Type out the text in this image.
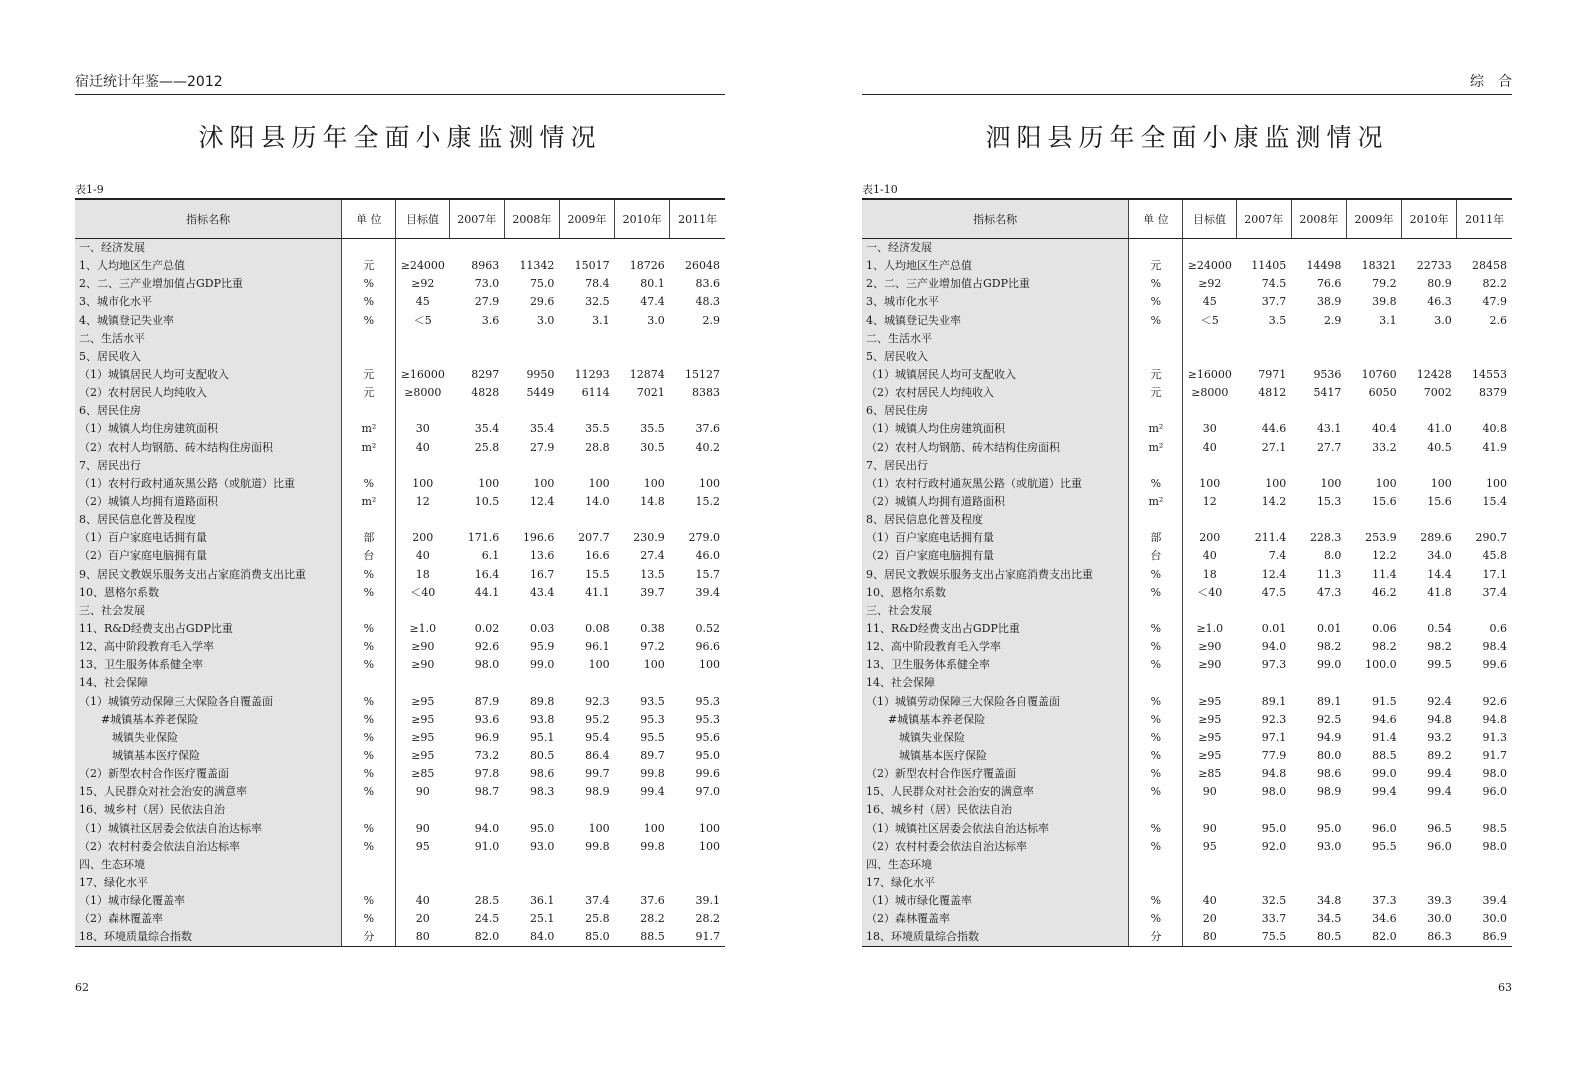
宿迁统计年鉴——2012
沭阳县历年全面小康监测情况
表1-9
指标名称	单 位	目标值	2007年	2008年	2009年	2010年	2011年
一、经济发展							
1、人均地区生产总值	元	≥24000	8963	11342	15017	18726	26048
2、二、三产业增加值占GDP比重	%	≥92	73.0	75.0	78.4	80.1	83.6
3、城市化水平	%	45	27.9	29.6	32.5	47.4	48.3
4、城镇登记失业率	%	＜5	3.6	3.0	3.1	3.0	2.9
二、生活水平							
5、居民收入							
（1）城镇居民人均可支配收入	元	≥16000	8297	9950	11293	12874	15127
（2）农村居民人均纯收入	元	≥8000	4828	5449	6114	7021	8383
6、居民住房							
（1）城镇人均住房建筑面积	m²	30	35.4	35.4	35.5	35.5	37.6
（2）农村人均钢筋、砖木结构住房面积	m²	40	25.8	27.9	28.8	30.5	40.2
7、居民出行							
（1）农村行政村通灰黑公路（或航道）比重	%	100	100	100	100	100	100
（2）城镇人均拥有道路面积	m²	12	10.5	12.4	14.0	14.8	15.2
8、居民信息化普及程度							
（1）百户家庭电话拥有量	部	200	171.6	196.6	207.7	230.9	279.0
（2）百户家庭电脑拥有量	台	40	6.1	13.6	16.6	27.4	46.0
9、居民文教娱乐服务支出占家庭消费支出比重	%	18	16.4	16.7	15.5	13.5	15.7
10、恩格尔系数	%	＜40	44.1	43.4	41.1	39.7	39.4
三、社会发展							
11、R&D经费支出占GDP比重	%	≥1.0	0.02	0.03	0.08	0.38	0.52
12、高中阶段教育毛入学率	%	≥90	92.6	95.9	96.1	97.2	96.6
13、卫生服务体系健全率	%	≥90	98.0	99.0	100	100	100
14、社会保障							
（1）城镇劳动保障三大保险各自覆盖面	%	≥95	87.9	89.8	92.3	93.5	95.3
　　#城镇基本养老保险	%	≥95	93.6	93.8	95.2	95.3	95.3
　　　城镇失业保险	%	≥95	96.9	95.1	95.4	95.5	95.6
　　　城镇基本医疗保险	%	≥95	73.2	80.5	86.4	89.7	95.0
（2）新型农村合作医疗覆盖面	%	≥85	97.8	98.6	99.7	99.8	99.6
15、人民群众对社会治安的满意率	%	90	98.7	98.3	98.9	99.4	97.0
16、城乡村（居）民依法自治							
（1）城镇社区居委会依法自治达标率	%	90	94.0	95.0	100	100	100
（2）农村村委会依法自治达标率	%	95	91.0	93.0	99.8	99.8	100
四、生态环境							
17、绿化水平							
（1）城市绿化覆盖率	%	40	28.5	36.1	37.4	37.6	39.1
（2）森林覆盖率	%	20	24.5	25.1	25.8	28.2	28.2
18、环境质量综合指数	分	80	82.0	84.0	85.0	88.5	91.7
62
综合
泗阳县历年全面小康监测情况
表1-10
指标名称	单 位	目标值	2007年	2008年	2009年	2010年	2011年
一、经济发展							
1、人均地区生产总值	元	≥24000	11405	14498	18321	22733	28458
2、二、三产业增加值占GDP比重	%	≥92	74.5	76.6	79.2	80.9	82.2
3、城市化水平	%	45	37.7	38.9	39.8	46.3	47.9
4、城镇登记失业率	%	＜5	3.5	2.9	3.1	3.0	2.6
二、生活水平							
5、居民收入							
（1）城镇居民人均可支配收入	元	≥16000	7971	9536	10760	12428	14553
（2）农村居民人均纯收入	元	≥8000	4812	5417	6050	7002	8379
6、居民住房							
（1）城镇人均住房建筑面积	m²	30	44.6	43.1	40.4	41.0	40.8
（2）农村人均钢筋、砖木结构住房面积	m²	40	27.1	27.7	33.2	40.5	41.9
7、居民出行							
（1）农村行政村通灰黑公路（或航道）比重	%	100	100	100	100	100	100
（2）城镇人均拥有道路面积	m²	12	14.2	15.3	15.6	15.6	15.4
8、居民信息化普及程度							
（1）百户家庭电话拥有量	部	200	211.4	228.3	253.9	289.6	290.7
（2）百户家庭电脑拥有量	台	40	7.4	8.0	12.2	34.0	45.8
9、居民文教娱乐服务支出占家庭消费支出比重	%	18	12.4	11.3	11.4	14.4	17.1
10、恩格尔系数	%	＜40	47.5	47.3	46.2	41.8	37.4
三、社会发展							
11、R&D经费支出占GDP比重	%	≥1.0	0.01	0.01	0.06	0.54	0.6
12、高中阶段教育毛入学率	%	≥90	94.0	98.2	98.2	98.2	98.4
13、卫生服务体系健全率	%	≥90	97.3	99.0	100.0	99.5	99.6
14、社会保障							
（1）城镇劳动保障三大保险各自覆盖面	%	≥95	89.1	89.1	91.5	92.4	92.6
　　#城镇基本养老保险	%	≥95	92.3	92.5	94.6	94.8	94.8
　　　城镇失业保险	%	≥95	97.1	94.9	91.4	93.2	91.3
　　　城镇基本医疗保险	%	≥95	77.9	80.0	88.5	89.2	91.7
（2）新型农村合作医疗覆盖面	%	≥85	94.8	98.6	99.0	99.4	98.0
15、人民群众对社会治安的满意率	%	90	98.0	98.9	99.4	99.4	96.0
16、城乡村（居）民依法自治							
（1）城镇社区居委会依法自治达标率	%	90	95.0	95.0	96.0	96.5	98.5
（2）农村村委会依法自治达标率	%	95	92.0	93.0	95.5	96.0	98.0
四、生态环境							
17、绿化水平							
（1）城市绿化覆盖率	%	40	32.5	34.8	37.3	39.3	39.4
（2）森林覆盖率	%	20	33.7	34.5	34.6	30.0	30.0
18、环境质量综合指数	分	80	75.5	80.5	82.0	86.3	86.9
63
